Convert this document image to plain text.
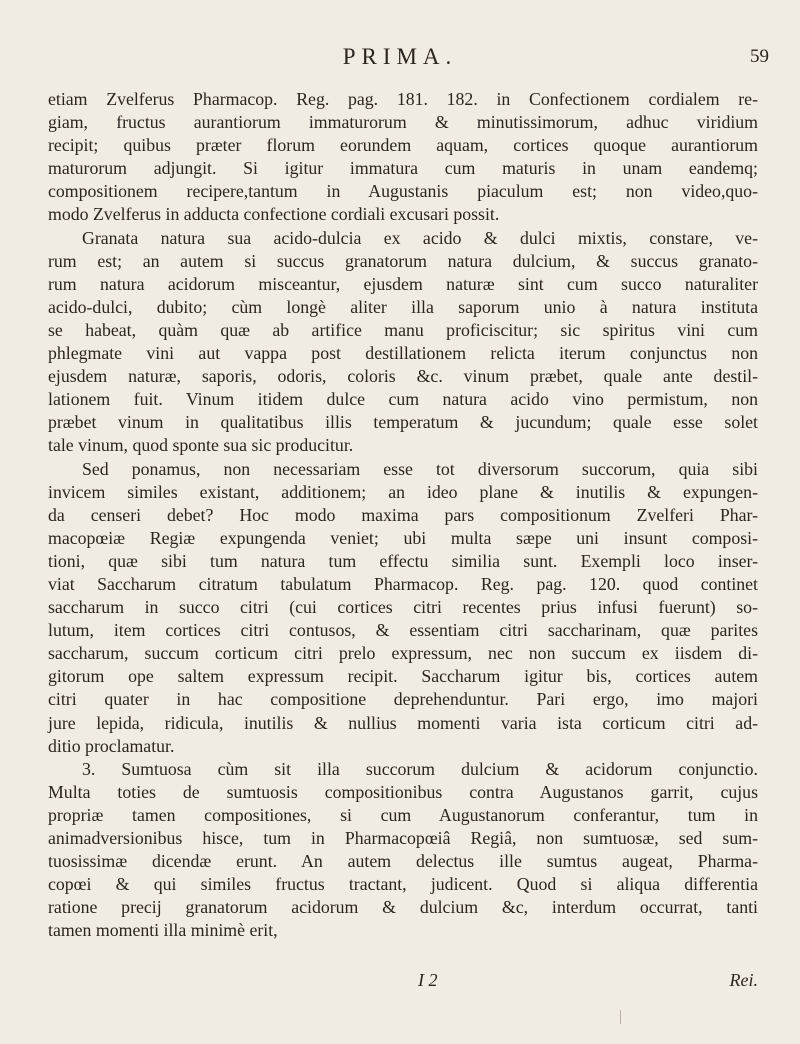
PRIMA.	59
etiam Zvelferus Pharmacop. Reg. pag. 181. 182. in Confectionem cordialem re-
giam, fructus aurantiorum immaturorum & minutissimorum, adhuc viridium
recipit; quibus præter florum eorundem aquam, cortices quoque aurantiorum
maturorum adjungit. Si igitur immatura cum maturis in unam eandemq;
compositionem recipere,tantum in Augustanis piaculum est; non video,quo-
modo Zvelferus in adducta confectione cordiali excusari possit.
Granata natura sua acido-dulcia ex acido & dulci mixtis, constare, ve-
rum est; an autem si succus granatorum natura dulcium, & succus granato-
rum natura acidorum misceantur, ejusdem naturæ sint cum succo naturaliter
acido-dulci, dubito; cùm longè aliter illa saporum unio à natura instituta
se habeat, quàm quæ ab artifice manu proficiscitur; sic spiritus vini cum
phlegmate vini aut vappa post destillationem relicta iterum conjunctus non
ejusdem naturæ, saporis, odoris, coloris &c. vinum præbet, quale ante destil-
lationem fuit. Vinum itidem dulce cum natura acido vino permistum, non
præbet vinum in qualitatibus illis temperatum & jucundum; quale esse solet
tale vinum, quod sponte sua sic producitur.
Sed ponamus, non necessariam esse tot diversorum succorum, quia sibi
invicem similes existant, additionem; an ideo plane & inutilis & expungen-
da censeri debet? Hoc modo maxima pars compositionum Zvelferi Phar-
macopœiæ Regiæ expungenda veniet; ubi multa sæpe uni insunt composi-
tioni, quæ sibi tum natura tum effectu similia sunt. Exempli loco inser-
viat Saccharum citratum tabulatum Pharmacop. Reg. pag. 120. quod continet
saccharum in succo citri (cui cortices citri recentes prius infusi fuerunt) so-
lutum, item cortices citri contusos, & essentiam citri saccharinam, quæ parites
saccharum, succum corticum citri prelo expressum, nec non succum ex iisdem di-
gitorum ope saltem expressum recipit. Saccharum igitur bis, cortices autem
citri quater in hac compositione deprehenduntur. Pari ergo, imo majori
jure lepida, ridicula, inutilis & nullius momenti varia ista corticum citri ad-
ditio proclamatur.
3. Sumtuosa cùm sit illa succorum dulcium & acidorum conjunctio.
Multa toties de sumtuosis compositionibus contra Augustanos garrit, cujus
propriæ tamen compositiones, si cum Augustanorum conferantur, tum in
animadversionibus hisce, tum in Pharmacopœiâ Regiâ, non sumtuosæ, sed sum-
tuosissimæ dicendæ erunt. An autem delectus ille sumtus augeat, Pharma-
copœi & qui similes fructus tractant, judicent. Quod si aliqua differentia
ratione precij granatorum acidorum & dulcium &c, interdum occurrat, tanti
tamen momenti illa minimè erit,
I 2	Rei.
